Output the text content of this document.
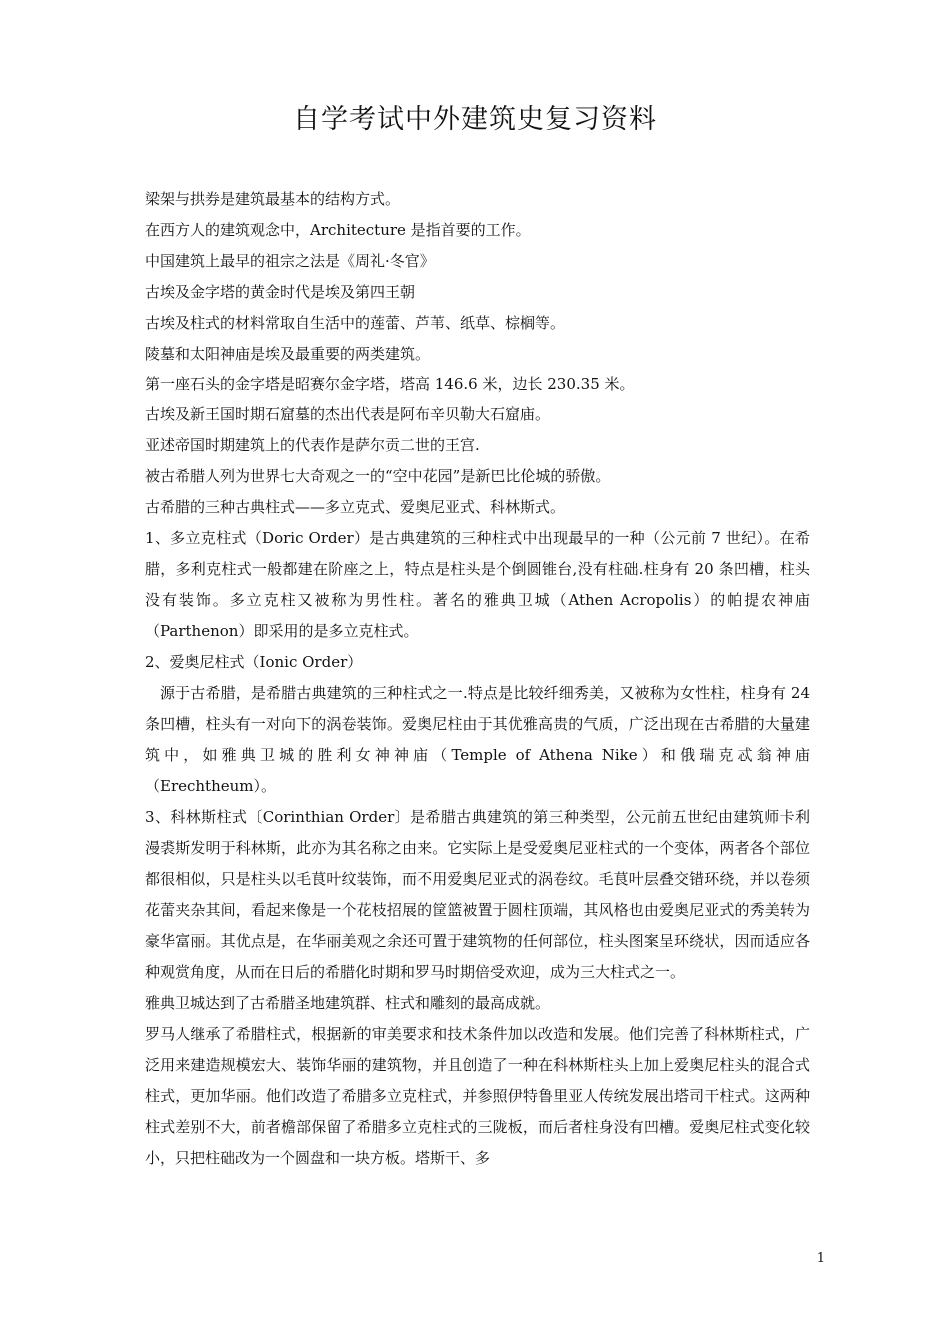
自学考试中外建筑史复习资料
梁架与拱券是建筑最基本的结构方式。
在西方人的建筑观念中，Architecture 是指首要的工作。
中国建筑上最早的祖宗之法是《周礼·冬官》
古埃及金字塔的黄金时代是埃及第四王朝
古埃及柱式的材料常取自生活中的莲蕾、芦苇、纸草、棕榈等。
陵墓和太阳神庙是埃及最重要的两类建筑。
第一座石头的金字塔是昭赛尔金字塔，塔高 146.6 米，边长 230.35 米。
古埃及新王国时期石窟墓的杰出代表是阿布辛贝勒大石窟庙。
亚述帝国时期建筑上的代表作是萨尔贡二世的王宫.
被古希腊人列为世界七大奇观之一的“空中花园”是新巴比伦城的骄傲。
古希腊的三种古典柱式——多立克式、爱奥尼亚式、科林斯式。

1、多立克柱式（Doric Order）是古典建筑的三种柱式中出现最早的一种（公元前 7 世纪）。在希腊，多利克柱式一般都建在阶座之上，特点是柱头是个倒圆锥台,没有柱础.柱身有 20 条凹槽，柱头没有装饰。多立克柱又被称为男性柱。著名的雅典卫城（Athen Acropolis）的帕提农神庙（Parthenon）即采用的是多立克柱式。

2、爱奥尼柱式（Ionic Order）

源于古希腊，是希腊古典建筑的三种柱式之一.特点是比较纤细秀美，又被称为女性柱，柱身有 24 条凹槽，柱头有一对向下的涡卷装饰。爱奥尼柱由于其优雅高贵的气质，广泛出现在古希腊的大量建筑中，如雅典卫城的胜利女神神庙（Temple of Athena Nike）和俄瑞克忒翁神庙（Erechtheum）。

3、科林斯柱式〔Corinthian Order〕是希腊古典建筑的第三种类型，公元前五世纪由建筑师卡利漫裘斯发明于科林斯，此亦为其名称之由来。它实际上是受爱奥尼亚柱式的一个变体，两者各个部位都很相似，只是柱头以毛茛叶纹装饰，而不用爱奥尼亚式的涡卷纹。毛茛叶层叠交错环绕，并以卷须花蕾夹杂其间，看起来像是一个花枝招展的筐篮被置于圆柱顶端，其风格也由爱奥尼亚式的秀美转为豪华富丽。其优点是，在华丽美观之余还可置于建筑物的任何部位，柱头图案呈环绕状，因而适应各种观赏角度，从而在日后的希腊化时期和罗马时期倍受欢迎，成为三大柱式之一。

雅典卫城达到了古希腊圣地建筑群、柱式和雕刻的最高成就。

罗马人继承了希腊柱式，根据新的审美要求和技术条件加以改造和发展。他们完善了科林斯柱式，广泛用来建造规模宏大、装饰华丽的建筑物，并且创造了一种在科林斯柱头上加上爱奥尼柱头的混合式柱式，更加华丽。他们改造了希腊多立克柱式，并参照伊特鲁里亚人传统发展出塔司干柱式。这两种柱式差别不大，前者檐部保留了希腊多立克柱式的三陇板，而后者柱身没有凹槽。爱奥尼柱式变化较小，只把柱础改为一个圆盘和一块方板。塔斯干、多

1
